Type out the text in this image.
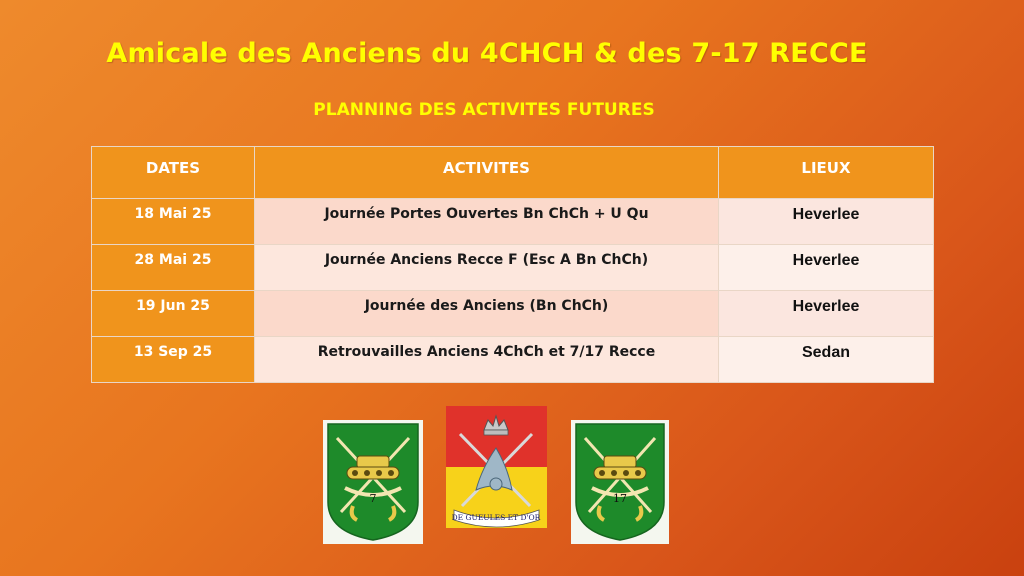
Amicale des Anciens du 4CHCH & des 7-17 RECCE
PLANNING DES ACTIVITES FUTURES
DATES	ACTIVITES	LIEUX
18 Mai 25	Journée Portes Ouvertes Bn ChCh + U Qu	Heverlee
28 Mai 25	Journée Anciens Recce F (Esc A Bn ChCh)	Heverlee
19 Jun 25	Journée des Anciens (Bn ChCh)	Heverlee
13 Sep 25	Retrouvailles Anciens 4ChCh et 7/17 Recce	Sedan
7
DE GUEULES ET D'OR
17
